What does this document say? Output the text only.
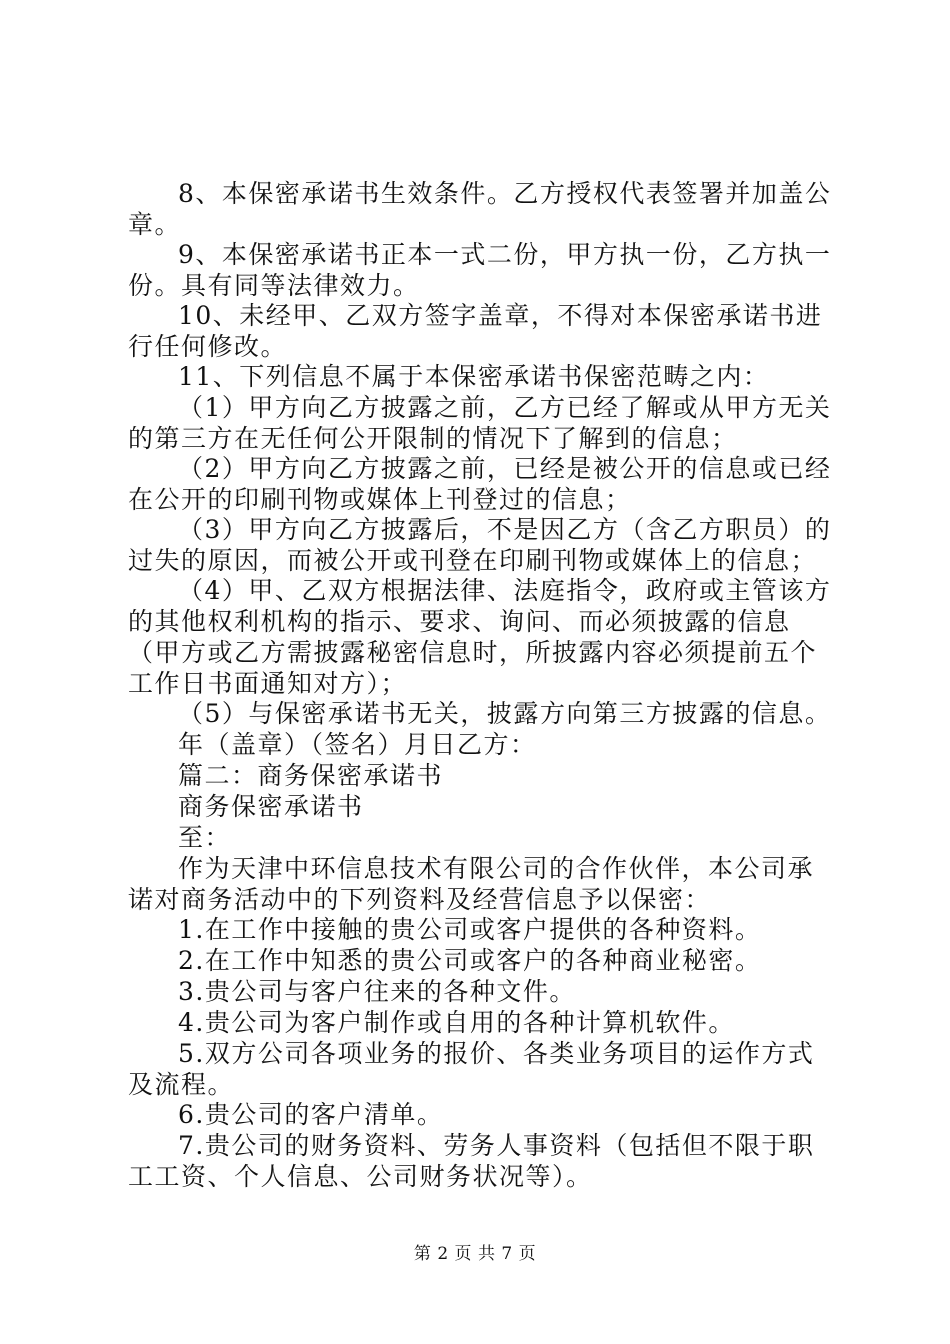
8、本保密承诺书生效条件。乙方授权代表签署并加盖公章。

9、本保密承诺书正本一式二份，甲方执一份，乙方执一份。具有同等法律效力。

10、未经甲、乙双方签字盖章，不得对本保密承诺书进行任何修改。

11、下列信息不属于本保密承诺书保密范畴之内：

（1）甲方向乙方披露之前，乙方已经了解或从甲方无关的第三方在无任何公开限制的情况下了解到的信息；

（2）甲方向乙方披露之前，已经是被公开的信息或已经在公开的印刷刊物或媒体上刊登过的信息；

（3）甲方向乙方披露后，不是因乙方（含乙方职员）的过失的原因，而被公开或刊登在印刷刊物或媒体上的信息；

（4）甲、乙双方根据法律、法庭指令，政府或主管该方的其他权利机构的指示、要求、询问、而必须披露的信息（甲方或乙方需披露秘密信息时，所披露内容必须提前五个工作日书面通知对方）；

（5）与保密承诺书无关，披露方向第三方披露的信息。

年（盖章）（签名）月日乙方：

篇二：商务保密承诺书

商务保密承诺书

至：

作为天津中环信息技术有限公司的合作伙伴，本公司承诺对商务活动中的下列资料及经营信息予以保密：

1.在工作中接触的贵公司或客户提供的各种资料。

2.在工作中知悉的贵公司或客户的各种商业秘密。

3.贵公司与客户往来的各种文件。

4.贵公司为客户制作或自用的各种计算机软件。

5.双方公司各项业务的报价、各类业务项目的运作方式及流程。

6.贵公司的客户清单。

7.贵公司的财务资料、劳务人事资料（包括但不限于职工工资、个人信息、公司财务状况等）。

第 2 页 共 7 页
